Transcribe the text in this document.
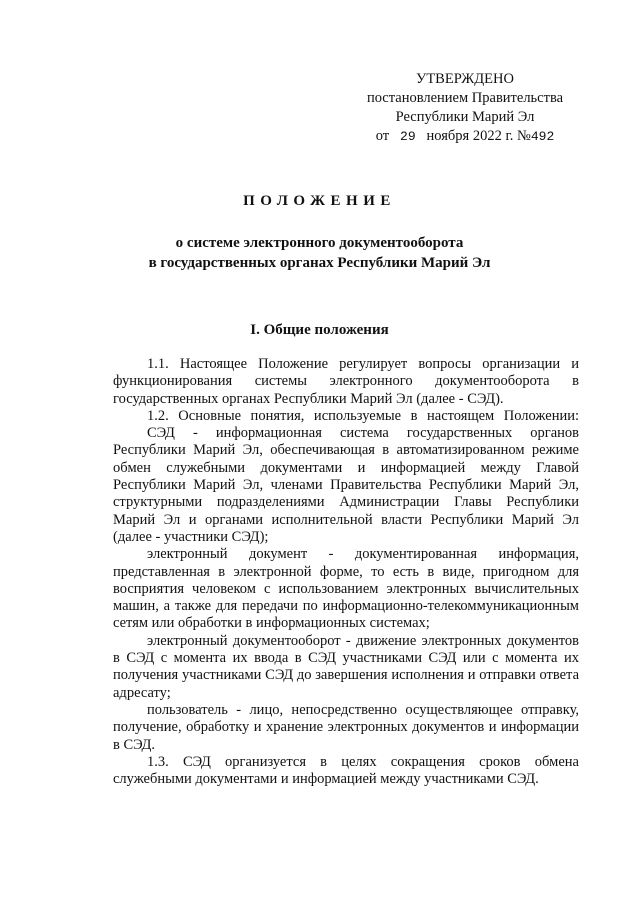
УТВЕРЖДЕНО
постановлением Правительства
Республики Марий Эл
от 29 ноября 2022 г. №492
ПОЛОЖЕНИЕ
о системе электронного документооборота
в государственных органах Республики Марий Эл
I. Общие положения

1.1. Настоящее Положение регулирует вопросы организации и функционирования системы электронного документооборота в государственных органах Республики Марий Эл (далее - СЭД).

1.2. Основные понятия, используемые в настоящем Положении:

СЭД - информационная система государственных органов Республики Марий Эл, обеспечивающая в автоматизированном режиме обмен служебными документами и информацией между Главой Республики Марий Эл, членами Правительства Республики Марий Эл, структурными подразделениями Администрации Главы Республики Марий Эл и органами исполнительной власти Республики Марий Эл (далее - участники СЭД);

электронный документ - документированная информация, представленная в электронной форме, то есть в виде, пригодном для восприятия человеком с использованием электронных вычислительных машин, а также для передачи по информационно-телекоммуникационным сетям или обработки в информационных системах;

электронный документооборот - движение электронных документов в СЭД с момента их ввода в СЭД участниками СЭД или с момента их получения участниками СЭД до завершения исполнения и отправки ответа адресату;

пользователь - лицо, непосредственно осуществляющее отправку, получение, обработку и хранение электронных документов и информации в СЭД.

1.3. СЭД организуется в целях сокращения сроков обмена служебными документами и информацией между участниками СЭД.
